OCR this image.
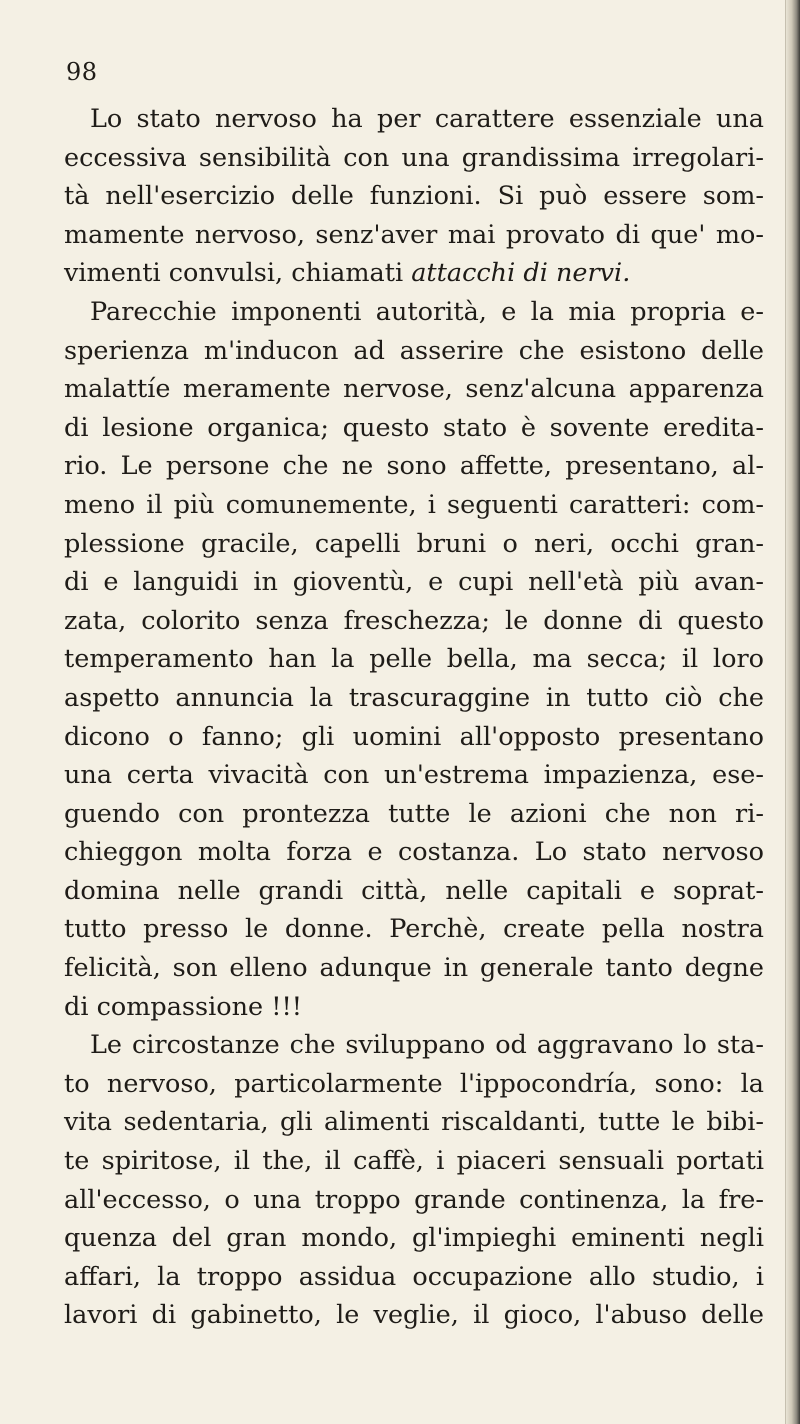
98
Lo stato nervoso ha per carattere essenziale una
eccessiva sensibilità con una grandissima irregolari-
tà nell'esercizio delle funzioni. Si può essere som-
mamente nervoso, senz'aver mai provato di que' mo-
vimenti convulsi, chiamati attacchi di nervi.
Parecchie imponenti autorità, e la mia propria e-
sperienza m'inducon ad asserire che esistono delle
malattíe meramente nervose, senz'alcuna apparenza
di lesione organica; questo stato è sovente eredita-
rio. Le persone che ne sono affette, presentano, al-
meno il più comunemente, i seguenti caratteri: com-
plessione gracile, capelli bruni o neri, occhi gran-
di e languidi in gioventù, e cupi nell'età più avan-
zata, colorito senza freschezza; le donne di questo
temperamento han la pelle bella, ma secca; il loro
aspetto annuncia la trascuraggine in tutto ciò che
dicono o fanno; gli uomini all'opposto presentano
una certa vivacità con un'estrema impazienza, ese-
guendo con prontezza tutte le azioni che non ri-
chieggon molta forza e costanza. Lo stato nervoso
domina nelle grandi città, nelle capitali e soprat-
tutto presso le donne. Perchè, create pella nostra
felicità, son elleno adunque in generale tanto degne
di compassione !!!
Le circostanze che sviluppano od aggravano lo sta-
to nervoso, particolarmente l'ippocondría, sono: la
vita sedentaria, gli alimenti riscaldanti, tutte le bibi-
te spiritose, il the, il caffè, i piaceri sensuali portati
all'eccesso, o una troppo grande continenza, la fre-
quenza del gran mondo, gl'impieghi eminenti negli
affari, la troppo assidua occupazione allo studio, i
lavori di gabinetto, le veglie, il gioco, l'abuso delle
